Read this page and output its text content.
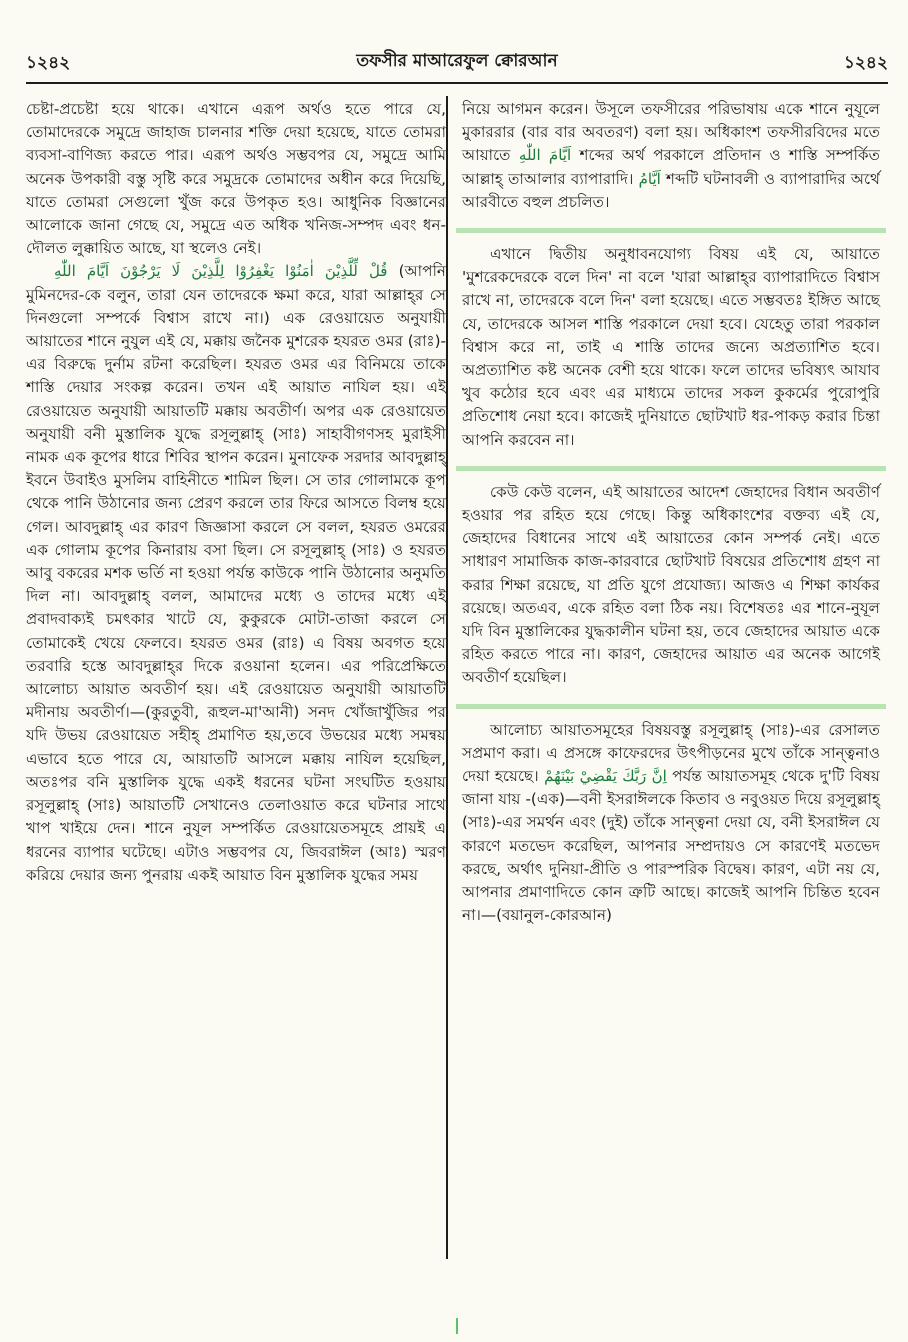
১২৪২	তফসীর মাআরেফুল ক্বোরআন	১২৪২

চেষ্টা-প্রচেষ্টা হয়ে থাকে। এখানে এরূপ অর্থও হতে পারে যে, তোমাদেরকে সমুদ্রে জাহাজ চালনার শক্তি দেয়া হয়েছে, যাতে তোমরা ব্যবসা-বাণিজ্য করতে পার। এরূপ অর্থও সম্ভবপর যে, সমুদ্রে আমি অনেক উপকারী বস্তু সৃষ্টি করে সমুদ্রকে তোমাদের অধীন করে দিয়েছি, যাতে তোমরা সেগুলো খুঁজ করে উপকৃত হও। আধুনিক বিজ্ঞানের আলোকে জানা গেছে যে, সমুদ্রে এত অধিক খনিজ-সম্পদ এবং ধন-দৌলত লুক্কায়িত আছে, যা স্থলেও নেই।

قُلْ لِّلَّذِيْنَ اٰمَنُوْا يَغْفِرُوْا لِلَّذِيْنَ لَا يَرْجُوْنَ اَيَّامَ اللّٰهِ (আপনি মুমিনদের-কে বলুন, তারা যেন তাদেরকে ক্ষমা করে, যারা আল্লাহ্‌র সে দিনগুলো সম্পর্কে বিশ্বাস রাখে না।) এক রেওয়ায়েত অনুযায়ী আয়াতের শানে নুযুল এই যে, মক্কায় জনৈক মুশরেক হযরত ওমর (রাঃ)-এর বিরুদ্ধে দুর্নাম রটনা করেছিল। হযরত ওমর এর বিনিময়ে তাকে শাস্তি দেয়ার সংকল্প করেন। তখন এই আয়াত নাযিল হয়। এই রেওয়ায়েত অনুযায়ী আয়াতটি মক্কায় অবতীর্ণ। অপর এক রেওয়ায়েত অনুযায়ী বনী মুস্তালিক যুদ্ধে রসূলুল্লাহ্ (সাঃ) সাহাবীগণসহ মুরাইসী নামক এক কূপের ধারে শিবির স্থাপন করেন। মুনাফেক সরদার আবদুল্লাহ্ ইবনে উবাইও মুসলিম বাহিনীতে শামিল ছিল। সে তার গোলামকে কূপ থেকে পানি উঠানোর জন্য প্রেরণ করলে তার ফিরে আসতে বিলম্ব হয়ে গেল। আবদুল্লাহ্ এর কারণ জিজ্ঞাসা করলে সে বলল, হযরত ওমরের এক গোলাম কূপের কিনারায় বসা ছিল। সে রসূলুল্লাহ্ (সাঃ) ও হযরত আবু বকরের মশক ভর্তি না হওয়া পর্যন্ত কাউকে পানি উঠানোর অনুমতি দিল না। আবদুল্লাহ্ বলল, আমাদের মধ্যে ও তাদের মধ্যে এই প্রবাদবাক্যই চমৎকার খাটে যে, কুকুরকে মোটা-তাজা করলে সে তোমাকেই খেয়ে ফেলবে। হযরত ওমর (রাঃ) এ বিষয় অবগত হয়ে তরবারি হস্তে আবদুল্লাহ্‌র দিকে রওয়ানা হলেন। এর পরিপ্রেক্ষিতে আলোচ্য আয়াত অবতীর্ণ হয়। এই রেওয়ায়েত অনুযায়ী আয়াতটি মদীনায় অবতীর্ণ।—(কুরতুবী, রূহুল-মা'আনী) সনদ খোঁজাখুঁজির পর যদি উভয় রেওয়ায়েত সহীহ্ প্রমাণিত হয়,তবে উভয়ের মধ্যে সমন্বয় এভাবে হতে পারে যে, আয়াতটি আসলে মক্কায় নাযিল হয়েছিল, অতঃপর বনি মুস্তালিক যুদ্ধে একই ধরনের ঘটনা সংঘটিত হওয়ায় রসূলুল্লাহ্ (সাঃ) আয়াতটি সেখানেও তেলাওয়াত করে ঘটনার সাথে খাপ খাইয়ে দেন। শানে নুযূল সম্পর্কিত রেওয়ায়েতসমূহে প্রায়ই এ ধরনের ব্যাপার ঘটেছে। এটাও সম্ভবপর যে, জিবরাঈল (আঃ) স্মরণ করিয়ে দেয়ার জন্য পুনরায় একই আয়াত বিন মুস্তালিক যুদ্ধের সময়

নিয়ে আগমন করেন। উসূলে তফসীরের পরিভাষায় একে শানে নুযূলে মুকাররার (বার বার অবতরণ) বলা হয়। অধিকাংশ তফসীরবিদের মতে আয়াতে اَيَّامَ اللّٰهِ শব্দের অর্থ পরকালে প্রতিদান ও শাস্তি সম্পর্কিত আল্লাহ্ তাআলার ব্যাপারাদি। اَيَّامُ শব্দটি ঘটনাবলী ও ব্যাপারাদির অর্থে আরবীতে বহুল প্রচলিত।

এখানে দ্বিতীয় অনুধাবনযোগ্য বিষয় এই যে, আয়াতে 'মুশরেকদেরকে বলে দিন' না বলে 'যারা আল্লাহ্‌র ব্যাপারাদিতে বিশ্বাস রাখে না, তাদেরকে বলে দিন' বলা হয়েছে। এতে সম্ভবতঃ ইঙ্গিত আছে যে, তাদেরকে আসল শাস্তি পরকালে দেয়া হবে। যেহেতু তারা পরকাল বিশ্বাস করে না, তাই এ শাস্তি তাদের জন্যে অপ্রত্যাশিত হবে। অপ্রত্যাশিত কষ্ট অনেক বেশী হয়ে থাকে। ফলে তাদের ভবিষ্যৎ আযাব খুব কঠোর হবে এবং এর মাধ্যমে তাদের সকল কুকর্মের পুরোপুরি প্রতিশোধ নেয়া হবে। কাজেই দুনিয়াতে ছোটখাট ধর-পাকড় করার চিন্তা আপনি করবেন না।

কেউ কেউ বলেন, এই আয়াতের আদেশ জেহাদের বিধান অবতীর্ণ হওয়ার পর রহিত হয়ে গেছে। কিন্তু অধিকাংশের বক্তব্য এই যে, জেহাদের বিধানের সাথে এই আয়াতের কোন সম্পর্ক নেই। এতে সাধারণ সামাজিক কাজ-কারবারে ছোটখাট বিষয়ের প্রতিশোধ গ্রহণ না করার শিক্ষা রয়েছে, যা প্রতি যুগে প্রযোজ্য। আজও এ শিক্ষা কার্যকর রয়েছে। অতএব, একে রহিত বলা ঠিক নয়। বিশেষতঃ এর শানে-নুযূল যদি বিন মুস্তালিকের যুদ্ধকালীন ঘটনা হয়, তবে জেহাদের আয়াত একে রহিত করতে পারে না। কারণ, জেহাদের আয়াত এর অনেক আগেই অবতীর্ণ হয়েছিল।

আলোচ্য আয়াতসমূহের বিষয়বস্তু রসূলুল্লাহ্ (সাঃ)-এর রেসালত সপ্রমাণ করা। এ প্রসঙ্গে কাফেরদের উৎপীড়নের মুখে তাঁকে সান্ত্বনাও দেয়া হয়েছে। اِنَّ رَبَّكَ يَقْضِيْ بَيْنَهُمْ পর্যন্ত আয়াতসমূহ থেকে দু'টি বিষয় জানা যায় -(এক)—বনী ইসরাঈলকে কিতাব ও নবুওয়ত দিয়ে রসূলুল্লাহ্ (সাঃ)-এর সমর্থন এবং (দুই) তাঁকে সান্ত্বনা দেয়া যে, বনী ইসরাঈল যে কারণে মতভেদ করেছিল, আপনার সম্প্রদায়ও সে কারণেই মতভেদ করছে, অর্থাৎ দুনিয়া-প্রীতি ও পারস্পরিক বিদ্বেষ। কারণ, এটা নয় যে, আপনার প্রমাণাদিতে কোন ত্রুটি আছে। কাজেই আপনি চিন্তিত হবেন না।—(বয়ানুল-কোরআন)
